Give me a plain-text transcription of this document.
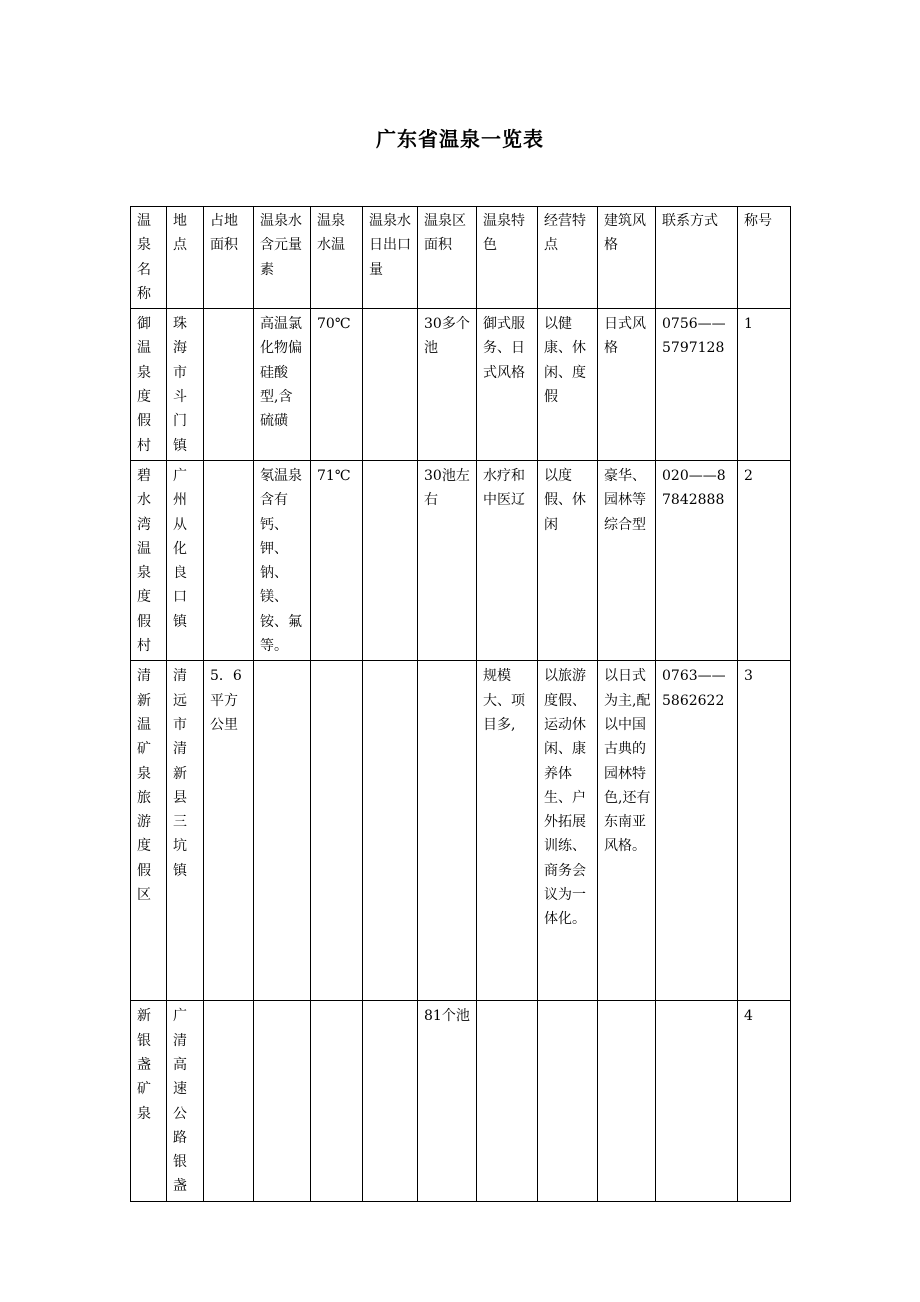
广东省温泉一览表
温泉名称	地点	占地面积	温泉水含元量素	温泉水温	温泉水日出口量	温泉区面积	温泉特色	经营特点	建筑风格	联系方式	称号
御温泉度假村	珠海市斗门镇		高温氯化物偏硅酸型,含硫磺	70℃		30多个池	御式服务、日式风格	以健康、休闲、度假	日式风格	0756——5797128	1
碧水湾温泉度假村	广州从化良口镇		氡温泉含有钙、钾、钠、镁、铵、氟等。	71℃		30池左右	水疗和中医辽	以度假、休闲	豪华、园林等综合型	020——87842888	2
清新温矿泉旅游度假区	清远市清新县三坑镇	5．6平方公里					规模大、项目多,	以旅游度假、运动休闲、康养体生、户外拓展训练、商务会议为一体化。	以日式为主,配以中国古典的园林特色,还有东南亚风格。	0763——5862622	3
新银盏矿泉	广清高速公路银盏					81个池					4
